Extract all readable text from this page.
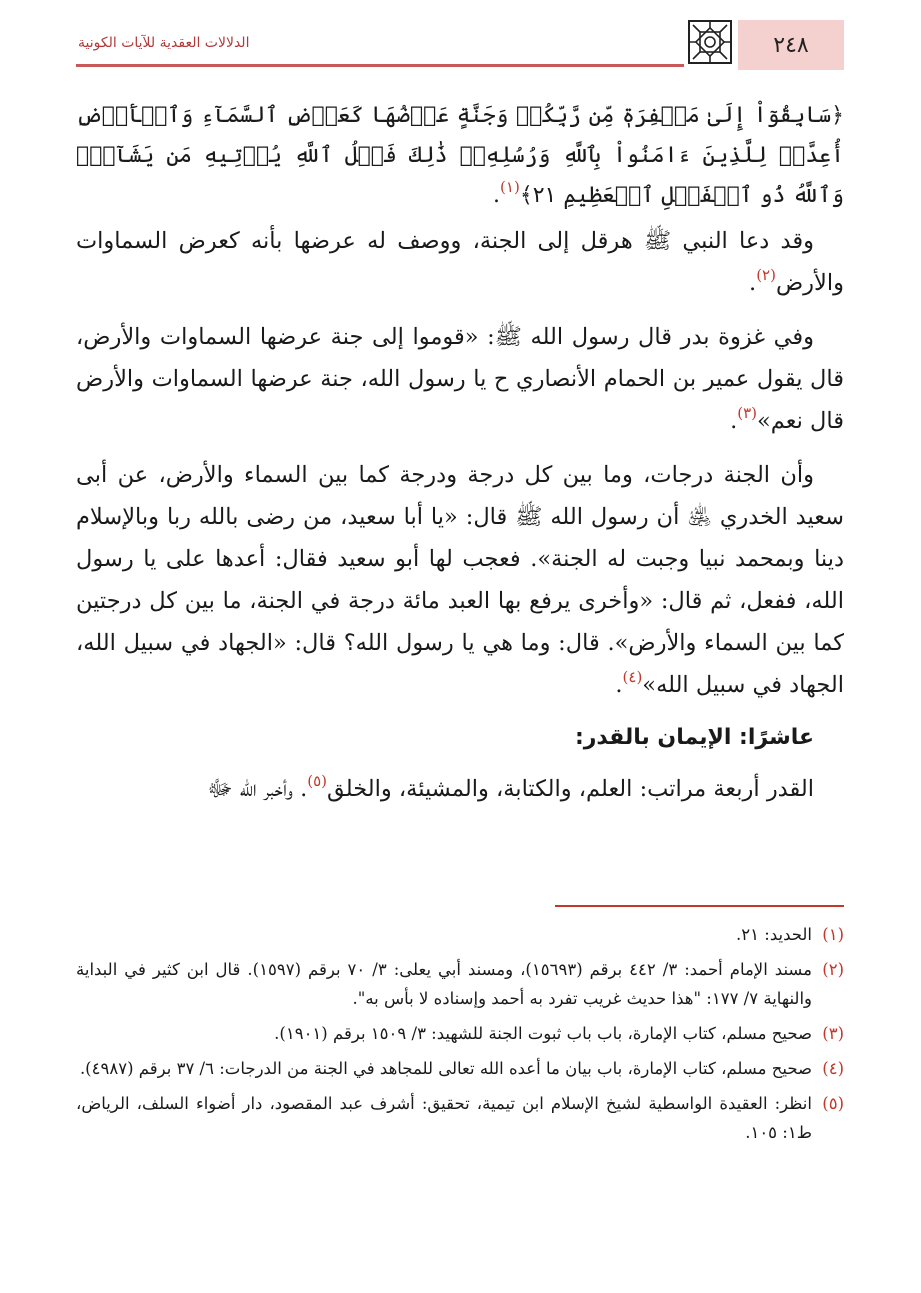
الدلالات العقدية للآيات الكونية	٢٤٨

﴿سَابِقُوٓاْ إِلَىٰ مَغۡفِرَةٖ مِّن رَّبِّكُمۡ وَجَنَّةٍ عَرۡضُهَا كَعَرۡضِ ٱلسَّمَآءِ وَٱلۡأَرۡضِ أُعِدَّتۡ لِلَّذِينَ ءَامَنُواْ بِٱللَّهِ وَرُسُلِهِۦۚ ذَٰلِكَ فَضۡلُ ٱللَّهِ يُؤۡتِيهِ مَن يَشَآءُۚ وَٱللَّهُ ذُو ٱلۡفَضۡلِ ٱلۡعَظِيمِ ٢١﴾$^{(١)}$.

وقد دعا النبي ﷺ هرقل إلى الجنة، ووصف له عرضها بأنه كعرض السماوات والأرض$^{(٢)}$.

وفي غزوة بدر قال رسول الله ﷺ: «قوموا إلى جنة عرضها السماوات والأرض، قال يقول عمير بن الحمام الأنصاري ح يا رسول الله، جنة عرضها السماوات والأرض قال نعم»$^{(٣)}$.

وأن الجنة درجات، وما بين كل درجة ودرجة كما بين السماء والأرض، عن أبى سعيد الخدري ﵁ أن رسول الله ﷺ قال: «يا أبا سعيد، من رضى بالله ربا وبالإسلام دينا وبمحمد نبيا وجبت له الجنة». فعجب لها أبو سعيد فقال: أعدها على يا رسول الله، ففعل، ثم قال: «وأخرى يرفع بها العبد مائة درجة في الجنة، ما بين كل درجتين كما بين السماء والأرض». قال: وما هي يا رسول الله؟ قال: «الجهاد في سبيل الله، الجهاد في سبيل الله»$^{(٤)}$.

عاشرًا: الإيمان بالقدر:

القدر أربعة مراتب: العلم، والكتابة، والمشيئة، والخلق$^{(٥)}$. وأخبر الله ﷻ

(١)
الحديد: ٢١.
(٢)
مسند الإمام أحمد: ٣/ ٤٤٢ برقم (١٥٦٩٣)، ومسند أبي يعلى: ٣/ ٧٠ برقم (١٥٩٧). قال ابن كثير في البداية والنهاية ٧/ ١٧٧: "هذا حديث غريب تفرد به أحمد وإسناده لا بأس به".
(٣)
صحيح مسلم، كتاب الإمارة، باب باب ثبوت الجنة للشهيد: ٣/ ١٥٠٩ برقم (١٩٠١).
(٤)
صحيح مسلم، كتاب الإمارة، باب بيان ما أعده الله تعالى للمجاهد في الجنة من الدرجات: ٦/ ٣٧ برقم (٤٩٨٧).
(٥)
انظر: العقيدة الواسطية لشيخ الإسلام ابن تيمية، تحقيق: أشرف عبد المقصود، دار أضواء السلف، الرياض، ط١: ١٠٥.
